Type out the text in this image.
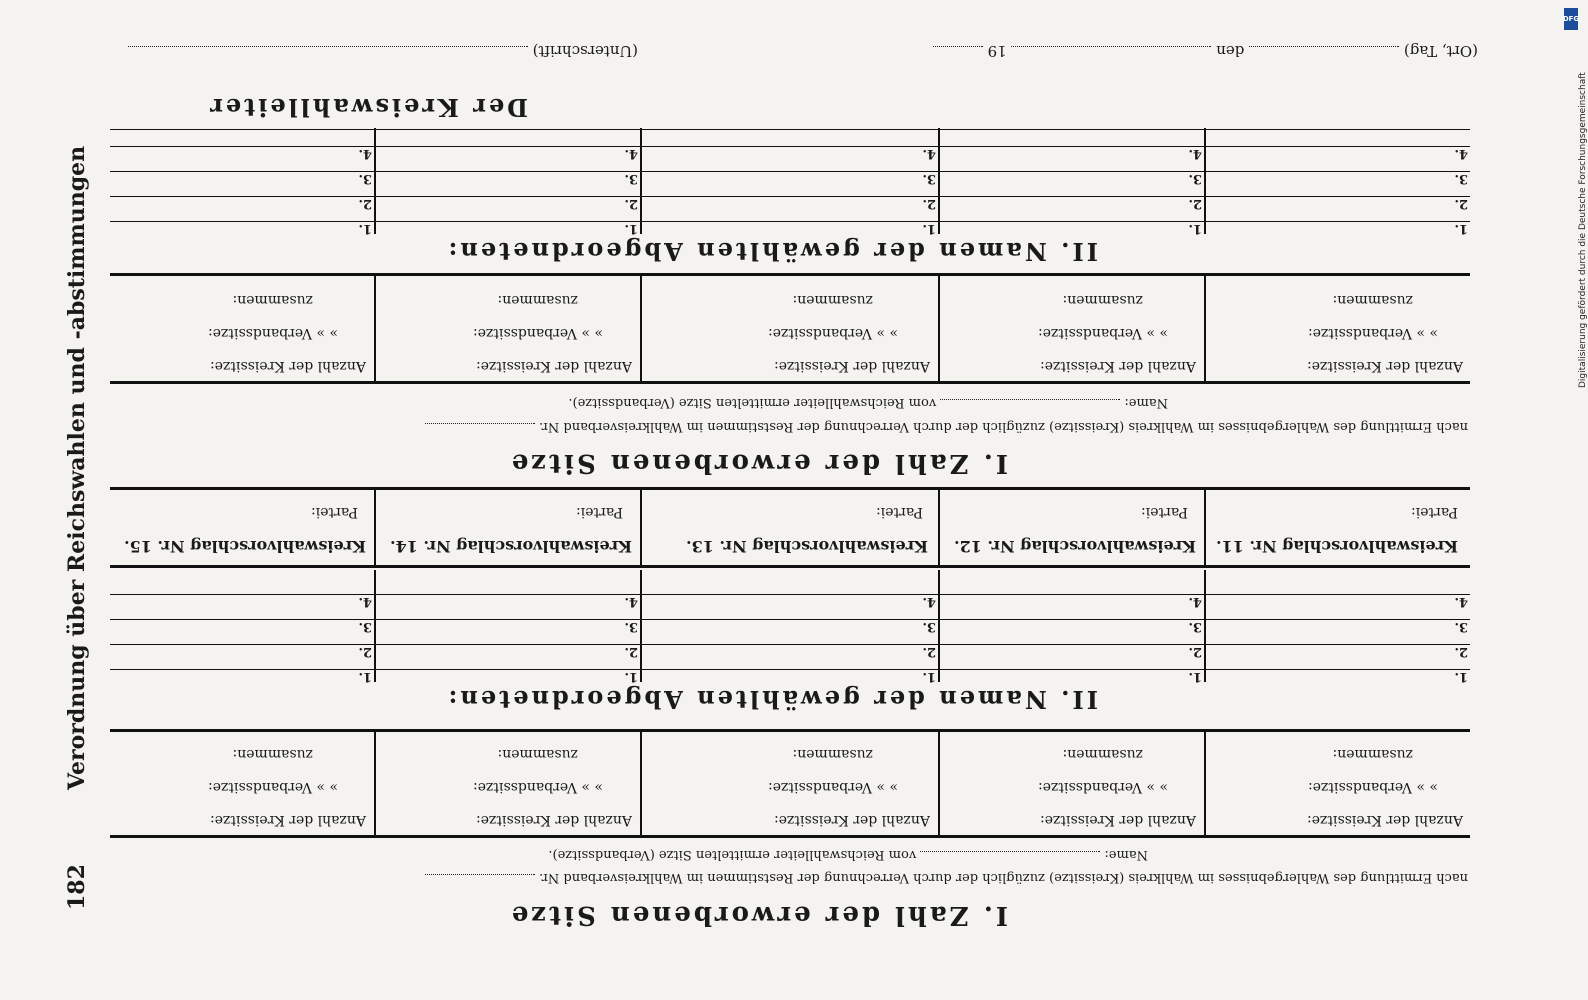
DFG
Digitalisierung gefördert durch die Deutsche Forschungsgemeinschaft
Verordnung über Reichswahlen und -abstimmungen
182
I. Zahl der erworbenen Sitze
nach Ermittlung des Wahlergebnisses im Wahlkreis (Kreissitze) zuzüglich der durch Verrechnung der Reststimmen im Wahlkreisverband Nr.
Name:  vom Reichswahlleiter ermittelten Sitze (Verbandssitze).
Anzahl der Kreissitze:
» » Verbandssitze:
zusammen:
Anzahl der Kreissitze:
» » Verbandssitze:
zusammen:
Anzahl der Kreissitze:
» » Verbandssitze:
zusammen:
Anzahl der Kreissitze:
» » Verbandssitze:
zusammen:
Anzahl der Kreissitze:
» » Verbandssitze:
zusammen:
II. Namen der gewählten Abgeordneten:
1.
2.
3.
4.
1.
2.
3.
4.
1.
2.
3.
4.
1.
2.
3.
4.
1.
2.
3.
4.
Kreiswahlvorschlag Nr. 11.
Partei:
Kreiswahlvorschlag Nr. 12.
Partei:
Kreiswahlvorschlag Nr. 13.
Partei:
Kreiswahlvorschlag Nr. 14.
Partei:
Kreiswahlvorschlag Nr. 15.
Partei:
I. Zahl der erworbenen Sitze
nach Ermittlung des Wahlergebnisses im Wahlkreis (Kreissitze) zuzüglich der durch Verrechnung der Reststimmen im Wahlkreisverband Nr.
Name:  vom Reichswahlleiter ermittelten Sitze (Verbandssitze).
Anzahl der Kreissitze:
» » Verbandssitze:
zusammen:
Anzahl der Kreissitze:
» » Verbandssitze:
zusammen:
Anzahl der Kreissitze:
» » Verbandssitze:
zusammen:
Anzahl der Kreissitze:
» » Verbandssitze:
zusammen:
Anzahl der Kreissitze:
» » Verbandssitze:
zusammen:
II. Namen der gewählten Abgeordneten:
1.
2.
3.
4.
1.
2.
3.
4.
1.
2.
3.
4.
1.
2.
3.
4.
1.
2.
3.
4.
Der Kreiswahlleiter
(Ort, Tag)  den  19
(Unterschrift)
